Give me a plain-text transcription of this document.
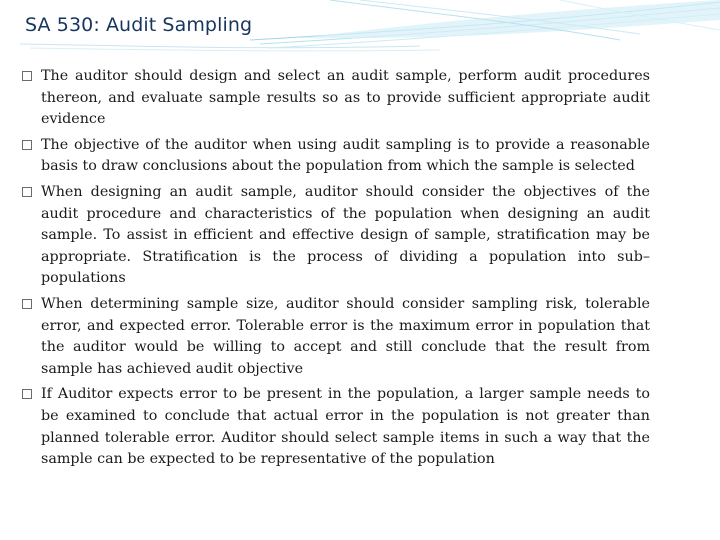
SA 530: Audit Sampling
The auditor should design and select an audit sample, perform audit procedures thereon, and evaluate sample results so as to provide sufficient appropriate audit evidence
The objective of the auditor when using audit sampling is to provide a reasonable basis to draw conclusions about the population from which the sample is selected
When designing an audit sample, auditor should consider the objectives of the audit procedure and characteristics of the population when designing an audit sample. To assist in efficient and effective design of sample, stratification may be appropriate. Stratification is the process of dividing a population into sub– populations
When determining sample size, auditor should consider sampling risk, tolerable error, and expected error. Tolerable error is the maximum error in population that the auditor would be willing to accept and still conclude that the result from sample has achieved audit objective
If Auditor expects error to be present in the population, a larger sample needs to be examined to conclude that actual error in the population is not greater than planned tolerable error. Auditor should select sample items in such a way that the sample can be expected to be representative of the population
